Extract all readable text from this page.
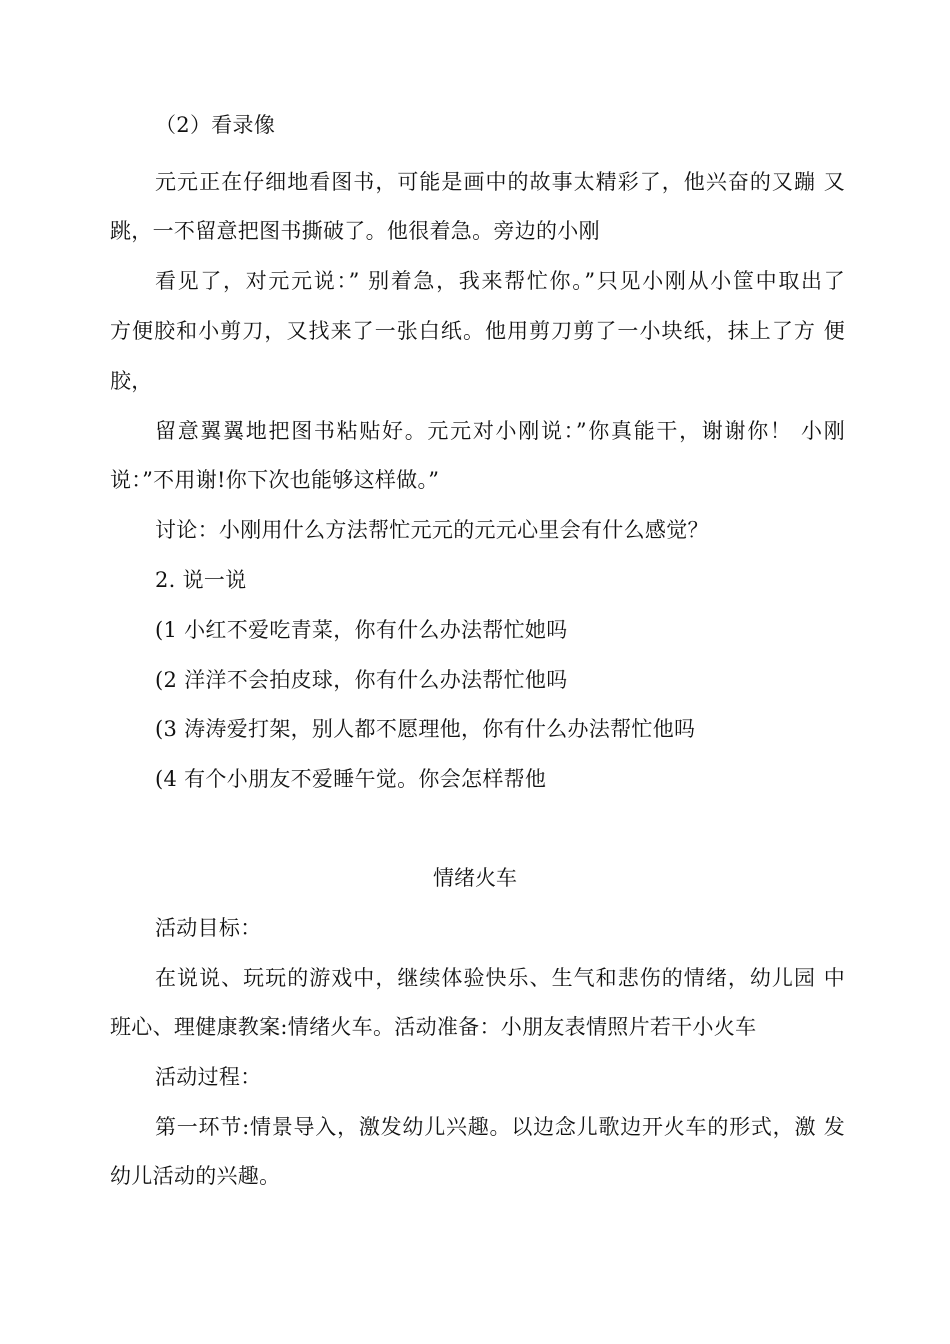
（2）看录像
元元正在仔细地看图书，可能是画中的故事太精彩了，他兴奋的又蹦 又
跳，一不留意把图书撕破了。他很着急。旁边的小刚
看见了，对元元说：” 别着急，我来帮忙你。”只见小刚从小筐中取出了
方便胶和小剪刀，又找来了一张白纸。他用剪刀剪了一小块纸，抹上了方 便
胶，
留意翼翼地把图书粘贴好。元元对小刚说：”你真能干，谢谢你！ 小刚
说：”不用谢!你下次也能够这样做。”
讨论：小刚用什么方法帮忙元元的元元心里会有什么感觉？
2. 说一说
(1 小红不爱吃青菜，你有什么办法帮忙她吗
(2 洋洋不会拍皮球，你有什么办法帮忙他吗
(3 涛涛爱打架，别人都不愿理他，你有什么办法帮忙他吗
(4 有个小朋友不爱睡午觉。你会怎样帮他
情绪火车
活动目标：
在说说、玩玩的游戏中，继续体验快乐、生气和悲伤的情绪，幼儿园 中
班心、理健康教案:情绪火车。活动准备：小朋友表情照片若干小火车
活动过程：
第一环节:情景导入，激发幼儿兴趣。以边念儿歌边开火车的形式，激 发
幼儿活动的兴趣。
